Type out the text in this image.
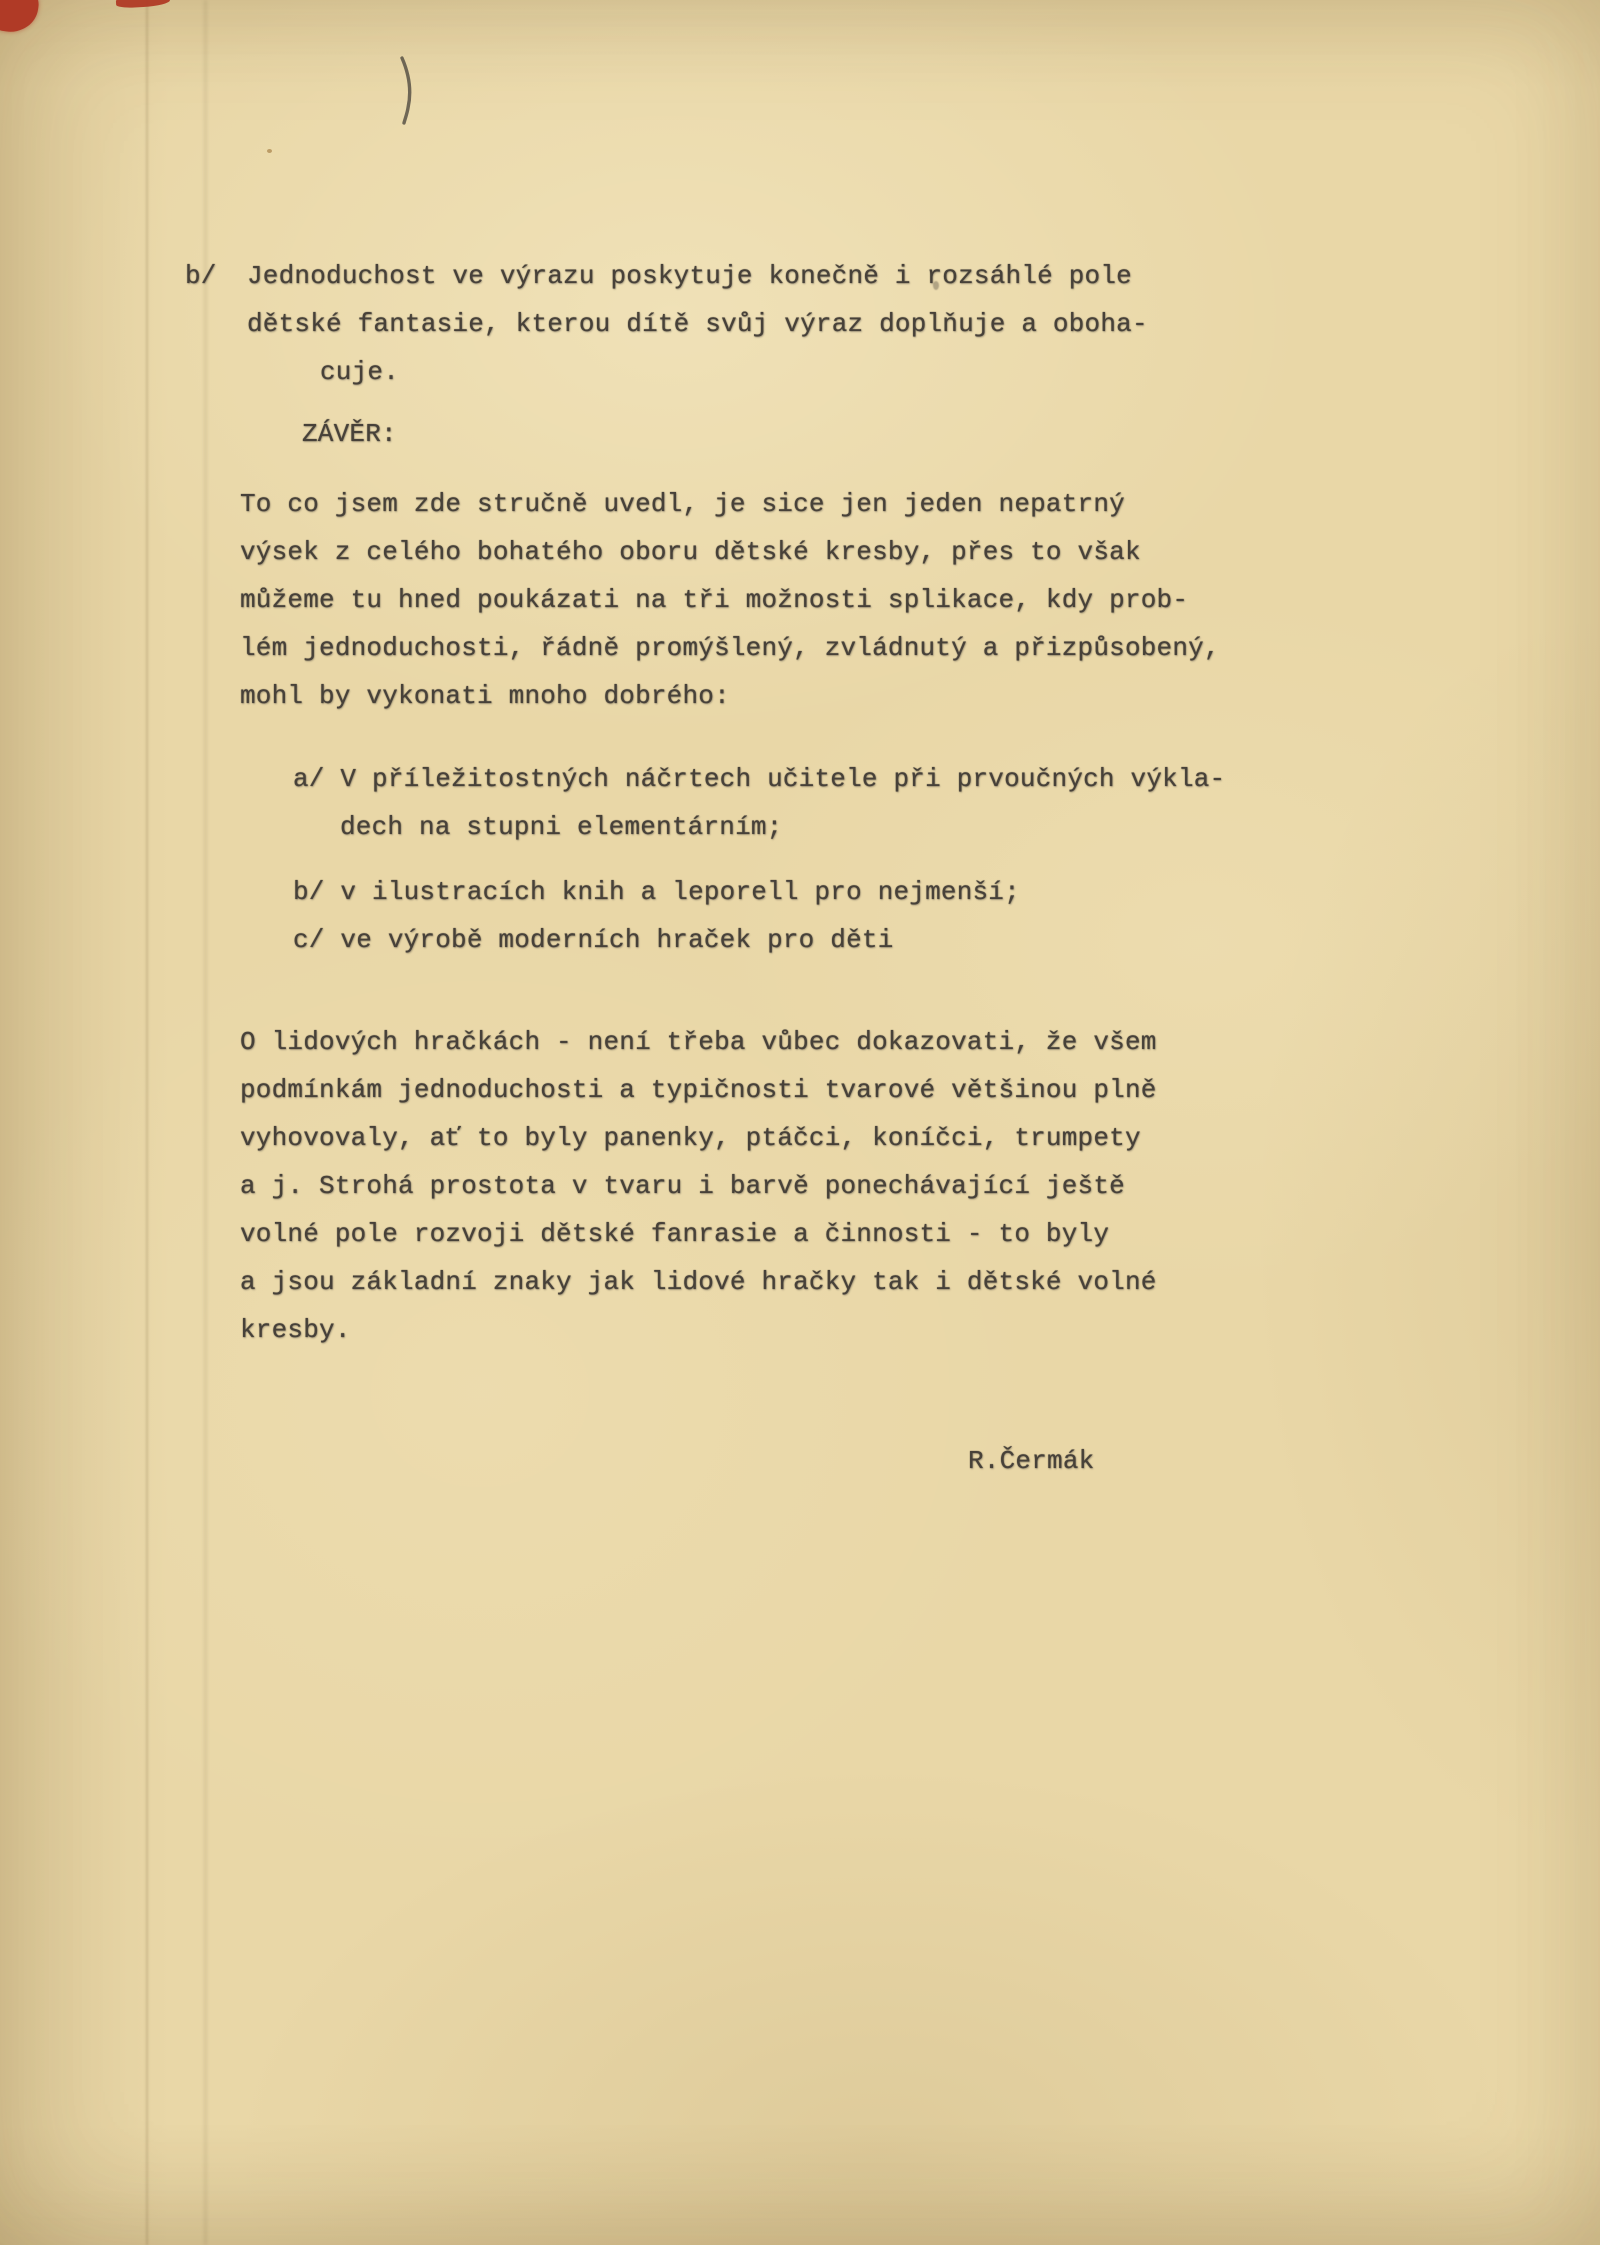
b/ Jednoduchost ve výrazu poskytuje konečně i rozsáhlé pole
dětské fantasie, kterou dítě svůj výraz doplňuje a oboha-
cuje.
ZÁVĚR:
To co jsem zde stručně uvedl, je sice jen jeden nepatrný
výsek z celého bohatého oboru dětské kresby, přes to však
můžeme tu hned poukázati na tři možnosti splikace, kdy prob-
lém jednoduchosti, řádně promýšlený, zvládnutý a přizpůsobený,
mohl by vykonati mnoho dobrého:
a/ V příležitostných náčrtech učitele při prvoučných výkla-
dech na stupni elementárním;
b/ v ilustracích knih a leporell pro nejmenší;
c/ ve výrobě moderních hraček pro děti
O lidových hračkách - není třeba vůbec dokazovati, že všem
podmínkám jednoduchosti a typičnosti tvarové většinou plně
vyhovovaly, ať to byly panenky, ptáčci, koníčci, trumpety
a j. Strohá prostota v tvaru i barvě ponechávající ještě
volné pole rozvoji dětské fanrasie a činnosti - to byly
a jsou základní znaky jak lidové hračky tak i dětské volné
kresby.
R.Čermák
